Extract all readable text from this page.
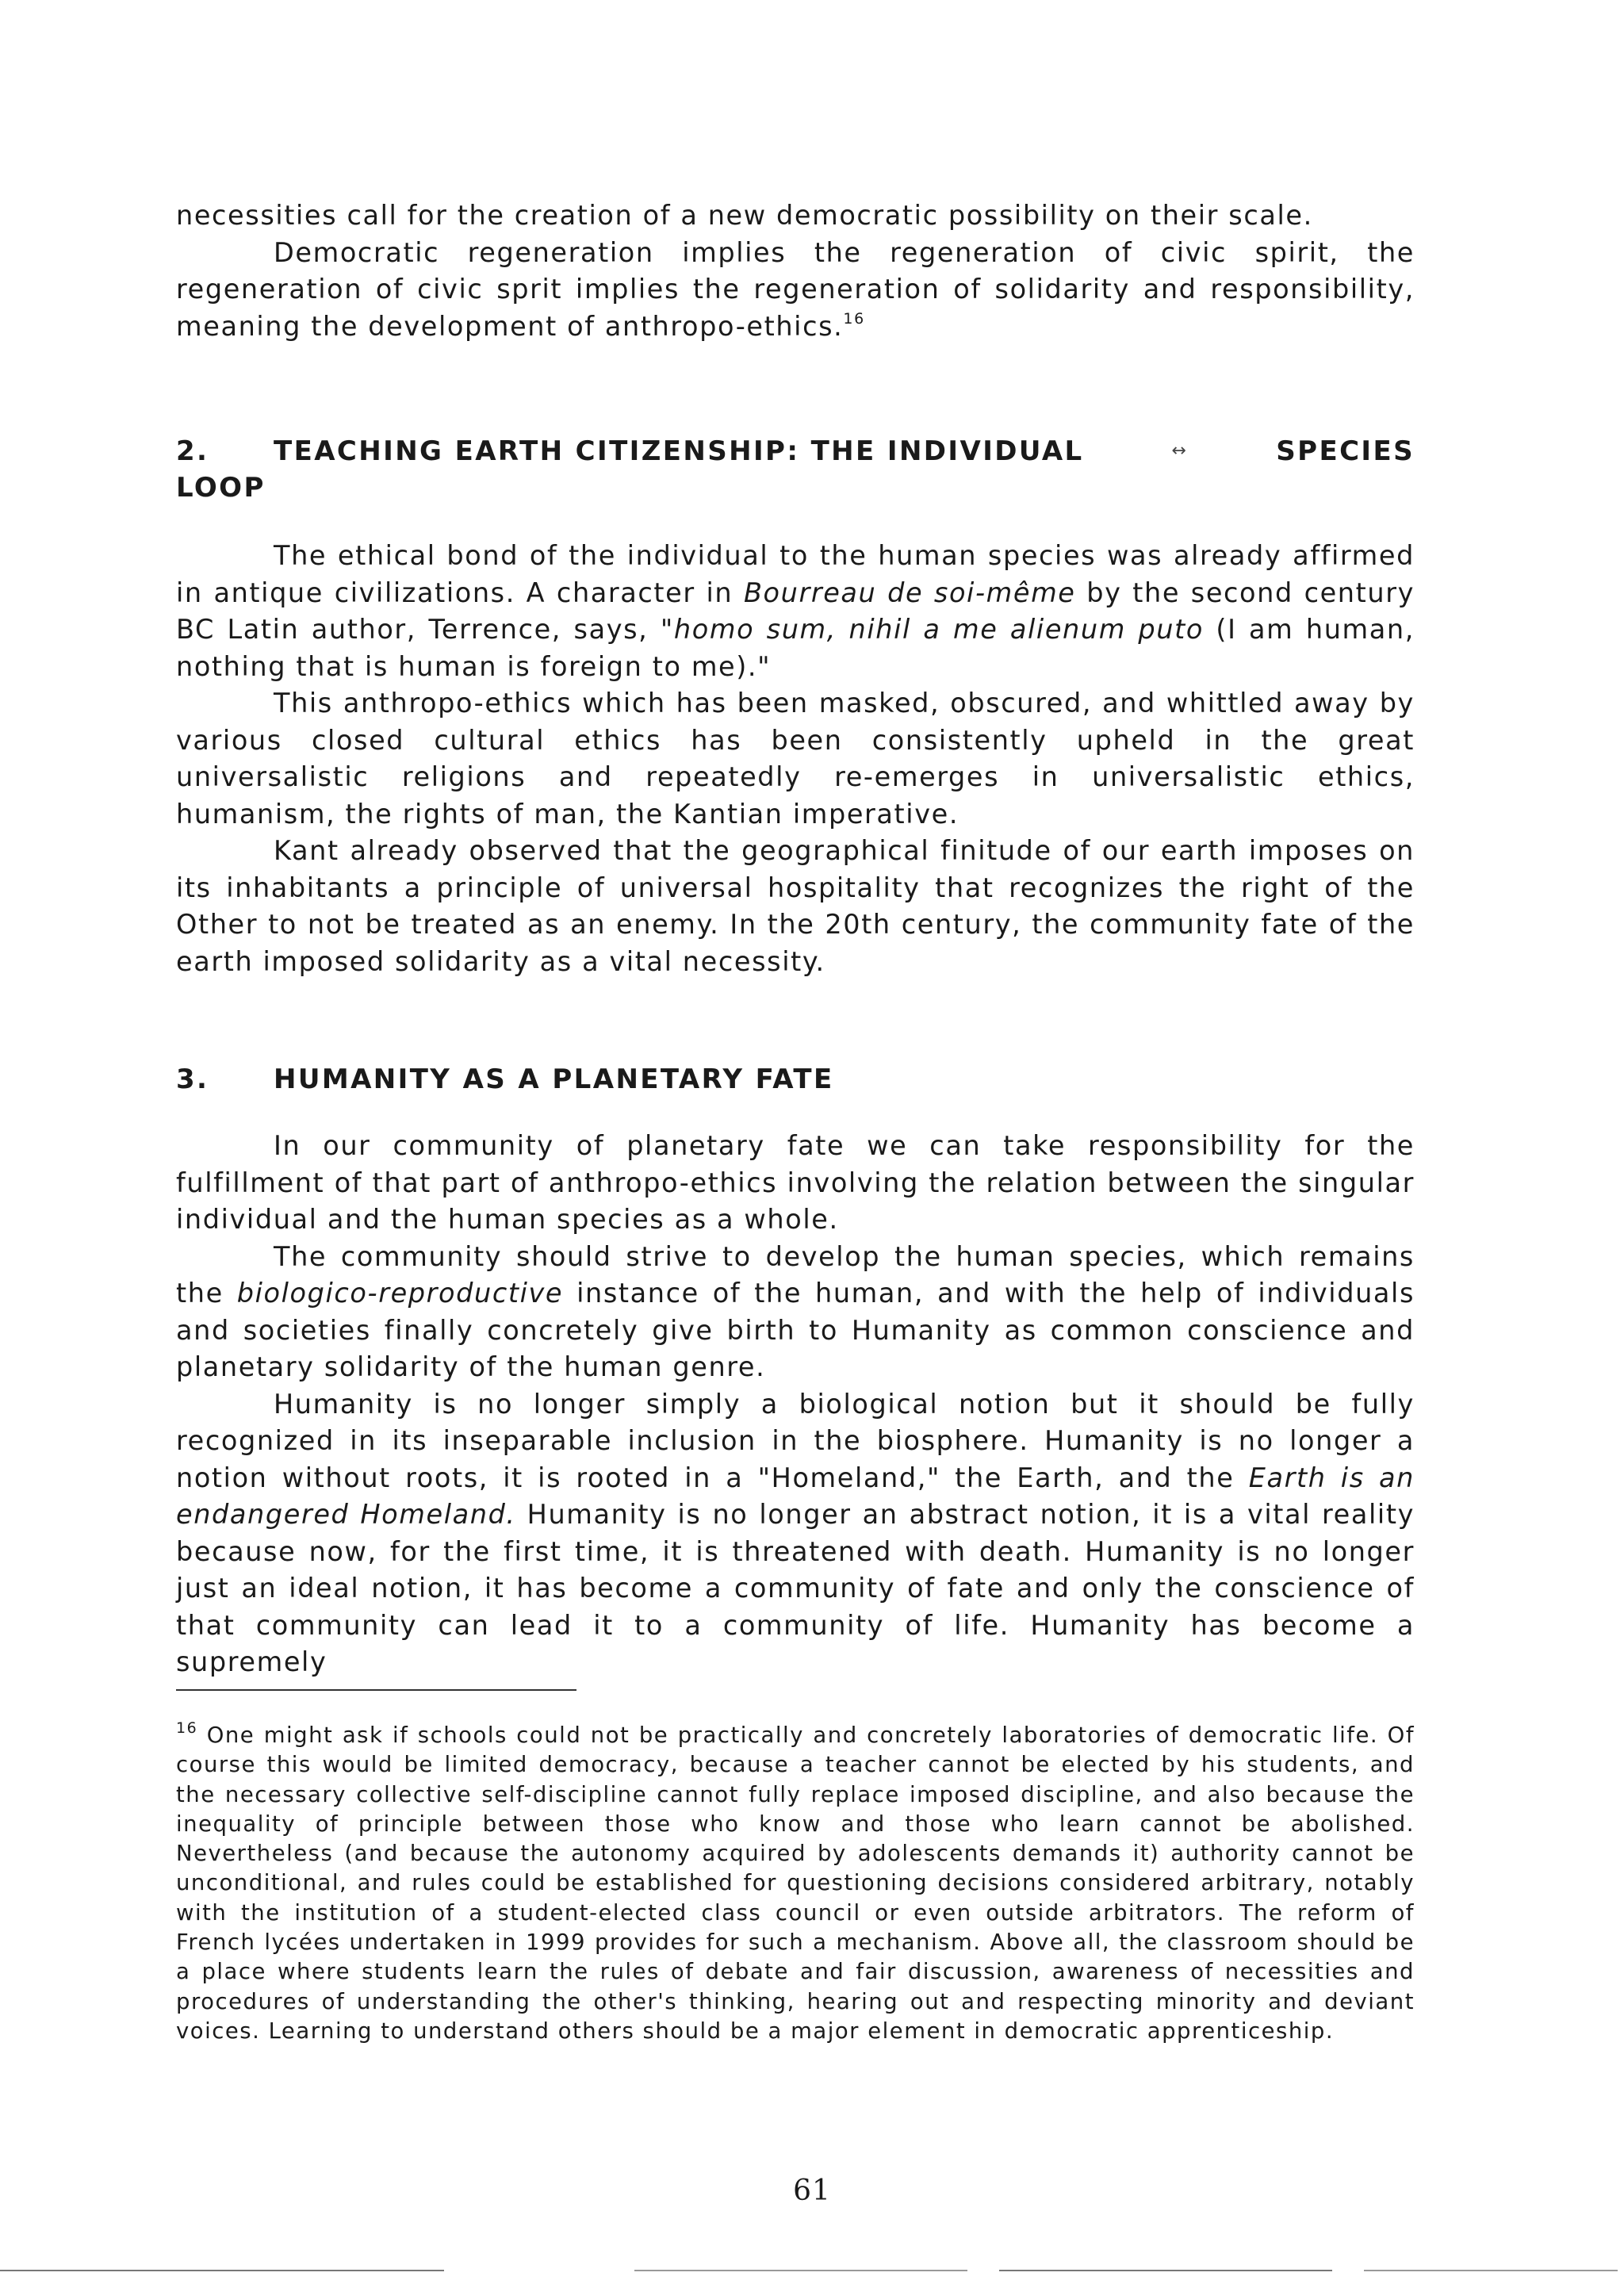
necessities call for the creation of a new democratic possibility on their scale.

Democratic regeneration implies the regeneration of civic spirit, the regeneration of civic sprit implies the regeneration of solidarity and responsibility, meaning the development of anthropo-ethics.$^{16}$

2. TEACHING EARTH CITIZENSHIP: THE INDIVIDUAL	↔	SPECIES
LOOP

The ethical bond of the individual to the human species was already affirmed in antique civilizations. A character in Bourreau de soi-même by the second century BC Latin author, Terrence, says, "homo sum, nihil a me alienum puto (I am human, nothing that is human is foreign to me)."

This anthropo-ethics which has been masked, obscured, and whittled away by various closed cultural ethics has been consistently upheld in the great universalistic religions and repeatedly re-emerges in universalistic ethics, humanism, the rights of man, the Kantian imperative.

Kant already observed that the geographical finitude of our earth imposes on its inhabitants a principle of universal hospitality that recognizes the right of the Other to not be treated as an enemy. In the 20th century, the community fate of the earth imposed solidarity as a vital necessity.

3. HUMANITY AS A PLANETARY FATE

In our community of planetary fate we can take responsibility for the fulfillment of that part of anthropo-ethics involving the relation between the singular individual and the human species as a whole.

The community should strive to develop the human species, which remains the biologico-reproductive instance of the human, and with the help of individuals and societies finally concretely give birth to Humanity as common conscience and planetary solidarity of the human genre.

Humanity is no longer simply a biological notion but it should be fully recognized in its inseparable inclusion in the biosphere. Humanity is no longer a notion without roots, it is rooted in a "Homeland," the Earth, and the Earth is an endangered Homeland. Humanity is no longer an abstract notion, it is a vital reality because now, for the first time, it is threatened with death. Humanity is no longer just an ideal notion, it has become a community of fate and only the conscience of that community can lead it to a community of life. Humanity has become a supremely

$^{16}$ One might ask if schools could not be practically and concretely laboratories of democratic life. Of course this would be limited democracy, because a teacher cannot be elected by his students, and the necessary collective self-discipline cannot fully replace imposed discipline, and also because the inequality of principle between those who know and those who learn cannot be abolished. Nevertheless (and because the autonomy acquired by adolescents demands it) authority cannot be unconditional, and rules could be established for questioning decisions considered arbitrary, notably with the institution of a student-elected class council or even outside arbitrators. The reform of French lycées undertaken in 1999 provides for such a mechanism. Above all, the classroom should be a place where students learn the rules of debate and fair discussion, awareness of necessities and procedures of understanding the other's thinking, hearing out and respecting minority and deviant voices. Learning to understand others should be a major element in democratic apprenticeship.

61
